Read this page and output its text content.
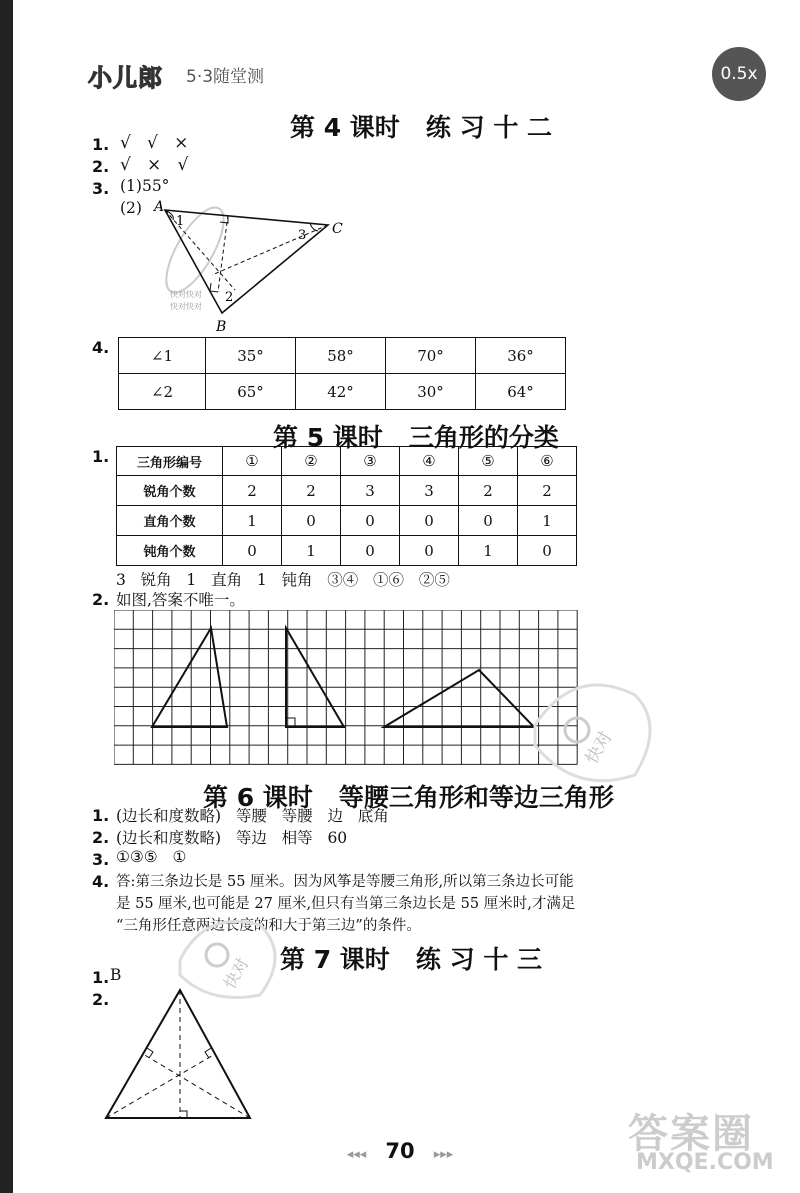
小儿郎 5·3随堂测	0.5x
第 4 课时   练 习 十 二
1. √   √   ×
2. √   ×   √
3. (1)55°
(2) A
C
B
1
3
2
快对快对
快对快对
4.	∠1	35°	58°	70°	36°
∠2	65°	42°	30°	64°
第 5 课时   三角形的分类
1. 三角形编号	①	②	③	④	⑤	⑥
锐角个数	2	2	3	3	2	2
直角个数	1	0	0	0	0	1
钝角个数	0	1	0	0	1	0
3   锐角   1   直角   1   钝角   ③④   ①⑥   ②⑤
2. 如图,答案不唯一。
快对
第 6 课时   等腰三角形和等边三角形
1. (边长和度数略)   等腰   等腰   边   底角
2. (边长和度数略)   等边   相等   60
3. ①③⑤   ①
4. 答:第三条边长是 55 厘米。因为风筝是等腰三角形,所以第三条边长可能
是 55 厘米,也可能是 27 厘米,但只有当第三条边长是 55 厘米时,才满足
“三角形任意两边长度的和大于第三边”的条件。
快对 第 7 课时   练 习 十 三
1. B
2.
答案圈
MXQE.COM
◂◂◂ 70 ▸▸▸
